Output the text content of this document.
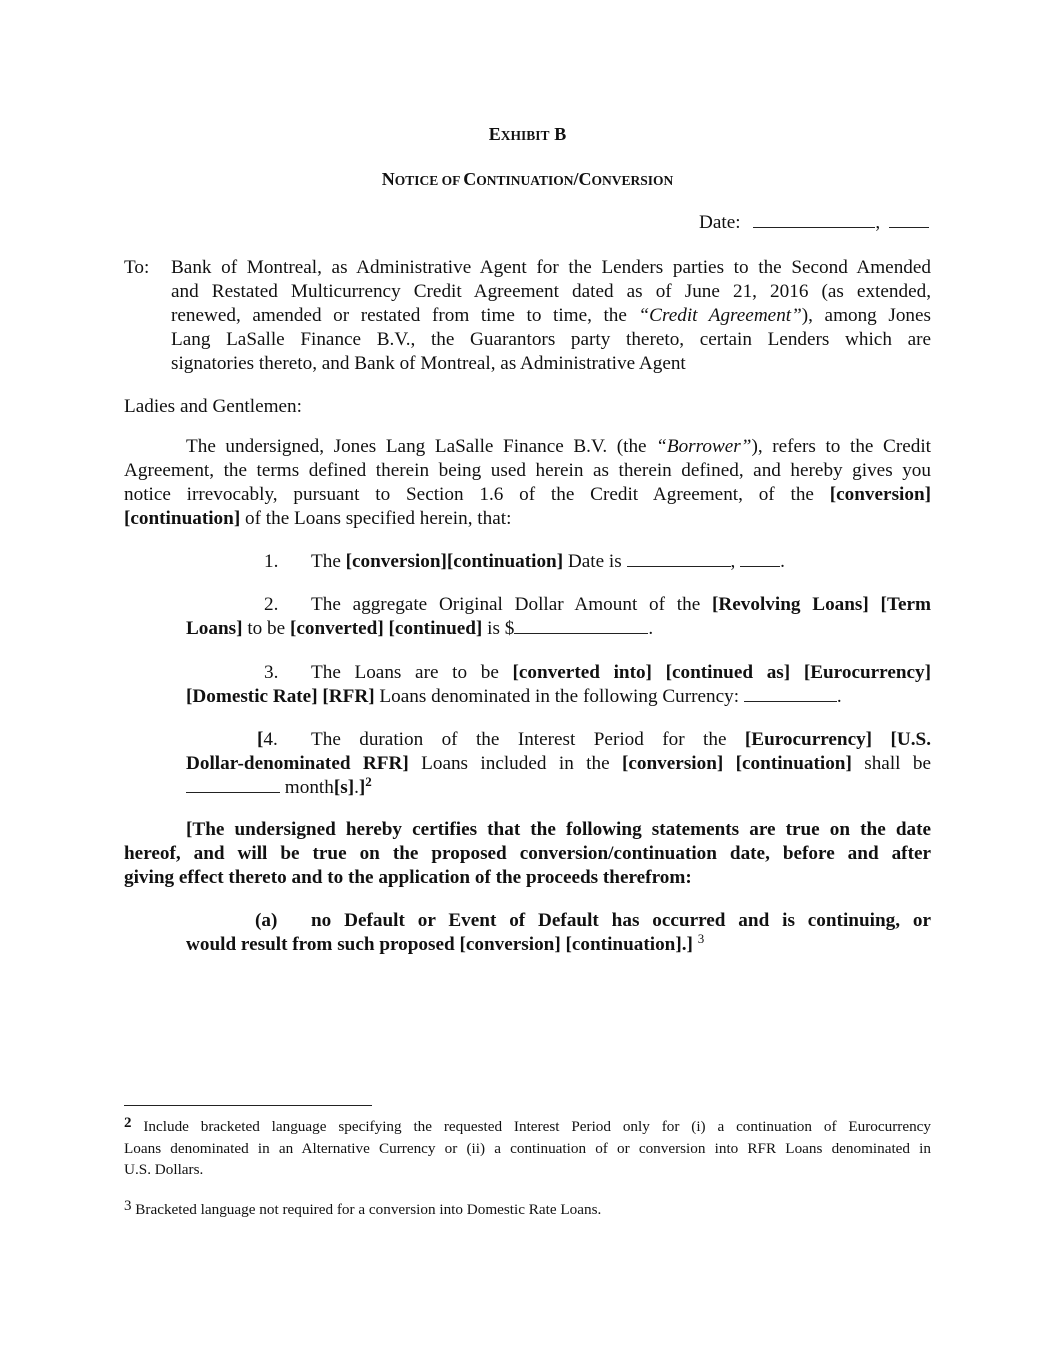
EXHIBIT B
NOTICE OF CONTINUATION/CONVERSION
Date:	,
To: Bank of Montreal, as Administrative Agent for the Lenders parties to the Second Amended
and Restated Multicurrency Credit Agreement dated as of June 21, 2016 (as extended,
renewed, amended or restated from time to time, the “Credit Agreement”), among Jones
Lang LaSalle Finance B.V., the Guarantors party thereto, certain Lenders which are
signatories thereto, and Bank of Montreal, as Administrative Agent
Ladies and Gentlemen:
The undersigned, Jones Lang LaSalle Finance B.V. (the “Borrower”), refers to the Credit
Agreement, the terms defined therein being used herein as therein defined, and hereby gives you
notice irrevocably, pursuant to Section 1.6 of the Credit Agreement, of the [conversion]
[continuation] of the Loans specified herein, that:
1. The [conversion][continuation] Date is	, .
2. The aggregate Original Dollar Amount of the [Revolving Loans] [Term
Loans] to be [converted] [continued] is $	.
3. The Loans are to be [converted into] [continued as] [Eurocurrency]
[Domestic Rate] [RFR] Loans denominated in the following Currency:	.
[4. The duration of the Interest Period for the [Eurocurrency] [U.S.
Dollar-denominated RFR] Loans included in the [conversion] [continuation] shall be
month[s].]$^2$
[The undersigned hereby certifies that the following statements are true on the date
hereof, and will be true on the proposed conversion/continuation date, before and after
giving effect thereto and to the application of the proceeds therefrom:
(a) no Default or Event of Default has occurred and is continuing, or
would result from such proposed [conversion] [continuation].] $^3$
2 Include bracketed language specifying the requested Interest Period only for (i) a continuation of Eurocurrency
Loans denominated in an Alternative Currency or (ii) a continuation of or conversion into RFR Loans denominated in
U.S. Dollars.
3 Bracketed language not required for a conversion into Domestic Rate Loans.
